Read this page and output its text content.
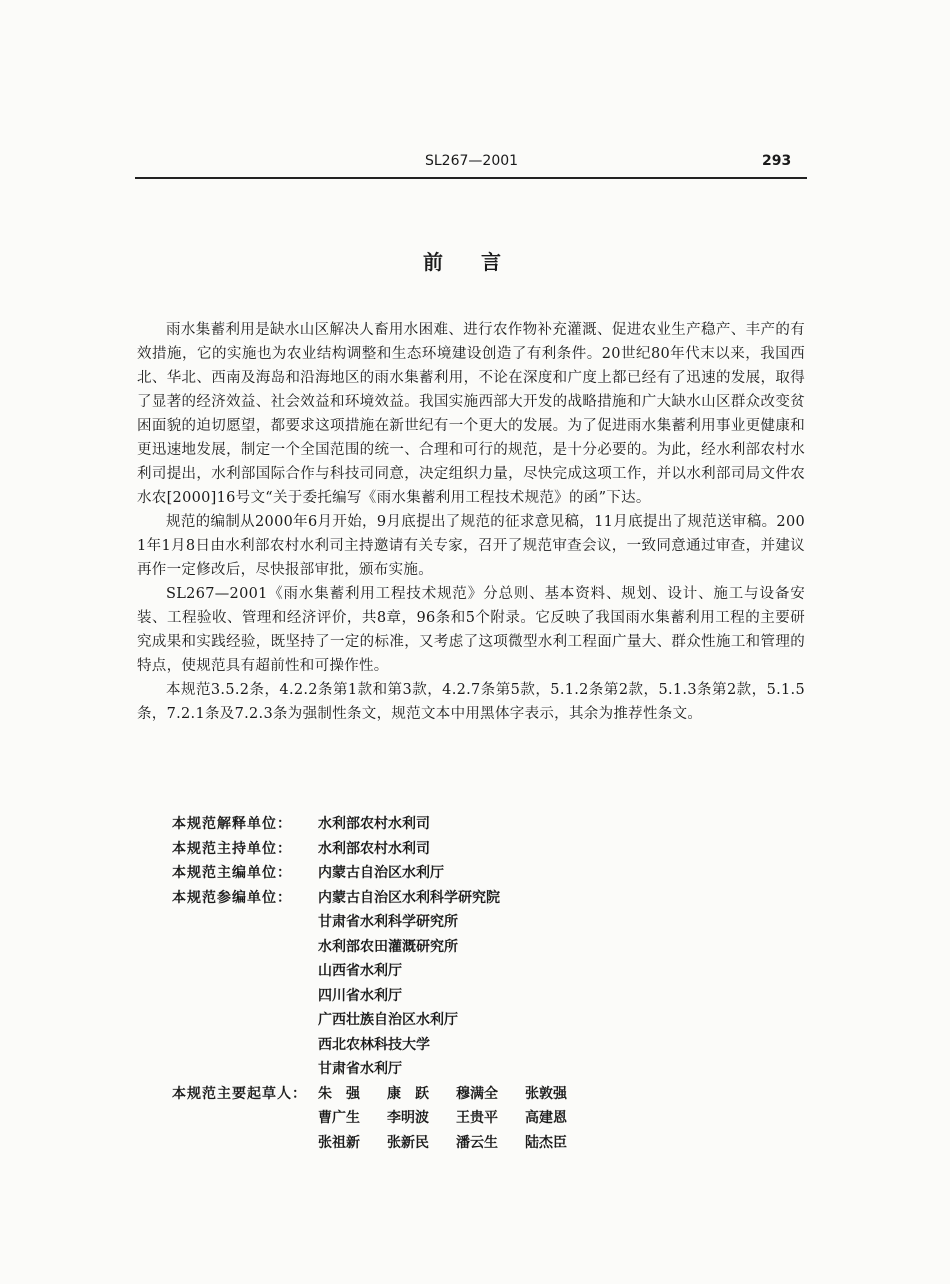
SL267—2001	293
前言

雨水集蓄利用是缺水山区解决人畜用水困难、进行农作物补充灌溉、促进农业生产稳产、丰产的有效措施，它的实施也为农业结构调整和生态环境建设创造了有利条件。20世纪80年代末以来，我国西北、华北、西南及海岛和沿海地区的雨水集蓄利用，不论在深度和广度上都已经有了迅速的发展，取得了显著的经济效益、社会效益和环境效益。我国实施西部大开发的战略措施和广大缺水山区群众改变贫困面貌的迫切愿望，都要求这项措施在新世纪有一个更大的发展。为了促进雨水集蓄利用事业更健康和更迅速地发展，制定一个全国范围的统一、合理和可行的规范，是十分必要的。为此，经水利部农村水利司提出，水利部国际合作与科技司同意，决定组织力量，尽快完成这项工作，并以水利部司局文件农水农[2000]16号文“关于委托编写《雨水集蓄利用工程技术规范》的函”下达。

规范的编制从2000年6月开始，9月底提出了规范的征求意见稿，11月底提出了规范送审稿。2001年1月8日由水利部农村水利司主持邀请有关专家，召开了规范审查会议，一致同意通过审查，并建议再作一定修改后，尽快报部审批，颁布实施。

SL267—2001《雨水集蓄利用工程技术规范》分总则、基本资料、规划、设计、施工与设备安装、工程验收、管理和经济评价，共8章，96条和5个附录。它反映了我国雨水集蓄利用工程的主要研究成果和实践经验，既坚持了一定的标准，又考虑了这项微型水利工程面广量大、群众性施工和管理的特点，使规范具有超前性和可操作性。

本规范3.5.2条，4.2.2条第1款和第3款，4.2.7条第5款，5.1.2条第2款，5.1.3条第2款，5.1.5条，7.2.1条及7.2.3条为强制性条文，规范文本中用黑体字表示，其余为推荐性条文。

本规范解释单位：	水利部农村水利司
本规范主持单位：	水利部农村水利司
本规范主编单位：	内蒙古自治区水利厅
本规范参编单位：	内蒙古自治区水利科学研究院
甘肃省水利科学研究所
水利部农田灌溉研究所
山西省水利厅
四川省水利厅
广西壮族自治区水利厅
西北农林科技大学
甘肃省水利厅
本规范主要起草人： 朱　强	康　跃	穆满全	张敦强
曹广生	李明波	王贵平	高建恩
张祖新	张新民	潘云生	陆杰臣
